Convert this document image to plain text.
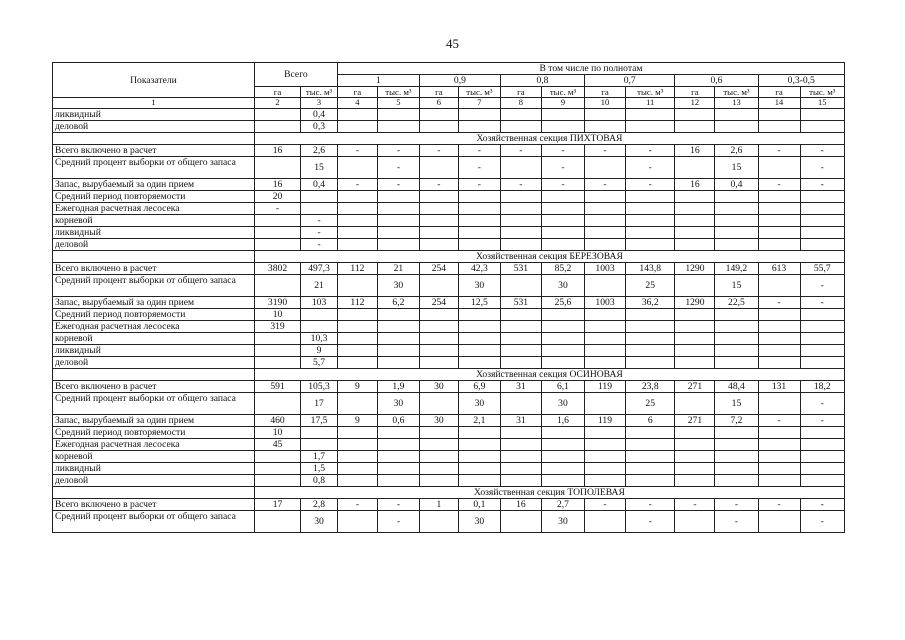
45
Показатели	Всего		В том числе по полнотам											
			1		0,9		0,8		0,7		0,6		0,3-0,5	
	га	тыс. м³	га	тыс. м³	га	тыс. м³	га	тыс. м³	га	тыс. м³	га	тыс. м³	га	тыс. м³
1	2	3	4	5	6	7	8	9	10	11	12	13	14	15
ликвидный		0,4												
деловой		0,3												
	Хозяйственная секция ПИХТОВАЯ													
Всего включено в расчет	16	2,6	-	-	-	-	-	-	-	-	16	2,6	-	-
Средний процент выборки от общего запаса		15		-		-		-		-		15		-
Запас, вырубаемый за один прием	16	0,4	-	-	-	-	-	-	-	-	16	0,4	-	-
Средний период повторяемости	20													
Ежегодная расчетная лесосека	-													
корневой		-												
ликвидный		-												
деловой		-												
	Хозяйственная секция БЕРЕЗОВАЯ													
Всего включено в расчет	3802	497,3	112	21	254	42,3	531	85,2	1003	143,8	1290	149,2	613	55,7
Средний процент выборки от общего запаса		21		30		30		30		25		15		-
Запас, вырубаемый за один прием	3190	103	112	6,2	254	12,5	531	25,6	1003	36,2	1290	22,5	-	-
Средний период повторяемости	10													
Ежегодная расчетная лесосека	319													
корневой		10,3												
ликвидный		9												
деловой		5,7												
	Хозяйственная секция ОСИНОВАЯ													
Всего включено в расчет	591	105,3	9	1,9	30	6,9	31	6,1	119	23,8	271	48,4	131	18,2
Средний процент выборки от общего запаса		17		30		30		30		25		15		-
Запас, вырубаемый за один прием	460	17,5	9	0,6	30	2,1	31	1,6	119	6	271	7,2	-	-
Средний период повторяемости	10													
Ежегодная расчетная лесосека	45													
корневой		1,7												
ликвидный		1,5												
деловой		0,8												
	Хозяйственная секция ТОПОЛЕВАЯ													
Всего включено в расчет	17	2,8	-	-	1	0,1	16	2,7	-	-	-	-	-	-
Средний процент выборки от общего запаса		30		-		30		30		-		-		-
